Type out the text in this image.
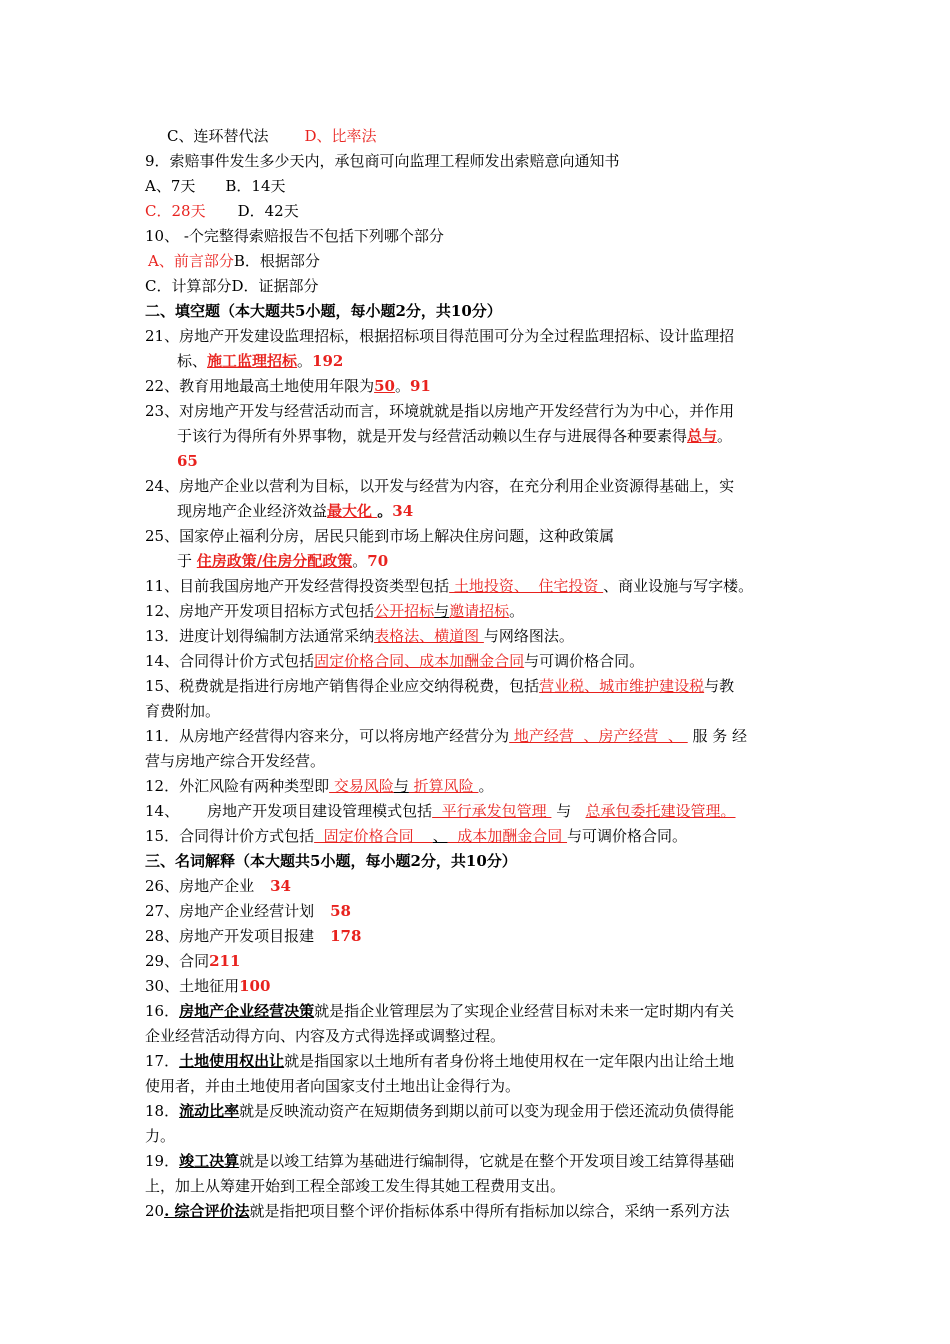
C、连环替代法 D、比率法
9．索赔事件发生多少天内，承包商可向监理工程师发出索赔意向通知书
A、7天 B．14天
C．28天 D．42天
10、 -个完整得索赔报告不包括下列哪个部分
A、前言部分B．根据部分
C．计算部分D．证据部分
二、填空题（本大题共5小题，每小题2分，共10分）
21、房地产开发建设监理招标，根据招标项目得范围可分为全过程监理招标、设计监理招
标、施工监理招标。192
22、教育用地最高土地使用年限为50。91
23、对房地产开发与经营活动而言，环境就就是指以房地产开发经营行为为中心，并作用
于该行为得所有外界事物，就是开发与经营活动赖以生存与进展得各种要素得总与。
65
24、房地产企业以营利为目标，以开发与经营为内容，在充分利用企业资源得基础上，实
现房地产企业经济效益最大化 。34
25、国家停止福利分房，居民只能到市场上解决住房问题，这种政策属
于 住房政策/住房分配政策。70
11、目前我国房地产开发经营得投资类型包括 土地投资、  住宅投资 、商业设施与写字楼。
12、房地产开发项目招标方式包括公开招标与邀请招标。
13．进度计划得编制方法通常采纳表格法、横道图 与网络图法。
14、合同得计价方式包括固定价格合同、成本加酬金合同与可调价格合同。
15、税费就是指进行房地产销售得企业应交纳得税费，包括营业税、城市维护建设税与教
育费附加。
11．从房地产经营得内容来分，可以将房地产经营分为 地产经营  、房产经营  、  服 务 经
营与房地产综合开发经营。
12．外汇风险有两种类型即 交易风险与 折算风险 。
14、 房地产开发项目建设管理模式包括  平行承发包管理  与   总承包委托建设管理。
15．合同得计价方式包括  固定价格合同    、  成本加酬金合同 与可调价格合同。
三、名词解释（本大题共5小题，每小题2分，共10分）
26、房地产企业 34
27、房地产企业经营计划 58
28、房地产开发项目报建 178
29、合同211
30、土地征用100
16．房地产企业经营决策就是指企业管理层为了实现企业经营目标对未来一定时期内有关
企业经营活动得方向、内容及方式得选择或调整过程。
17．土地使用权出让就是指国家以土地所有者身份将土地使用权在一定年限内出让给土地
使用者，并由土地使用者向国家支付土地出让金得行为。
18．流动比率就是反映流动资产在短期债务到期以前可以变为现金用于偿还流动负债得能
力。
19．竣工决算就是以竣工结算为基础进行编制得，它就是在整个开发项目竣工结算得基础
上，加上从筹建开始到工程全部竣工发生得其她工程费用支出。
20. 综合评价法就是指把项目整个评价指标体系中得所有指标加以综合，采纳一系列方法
